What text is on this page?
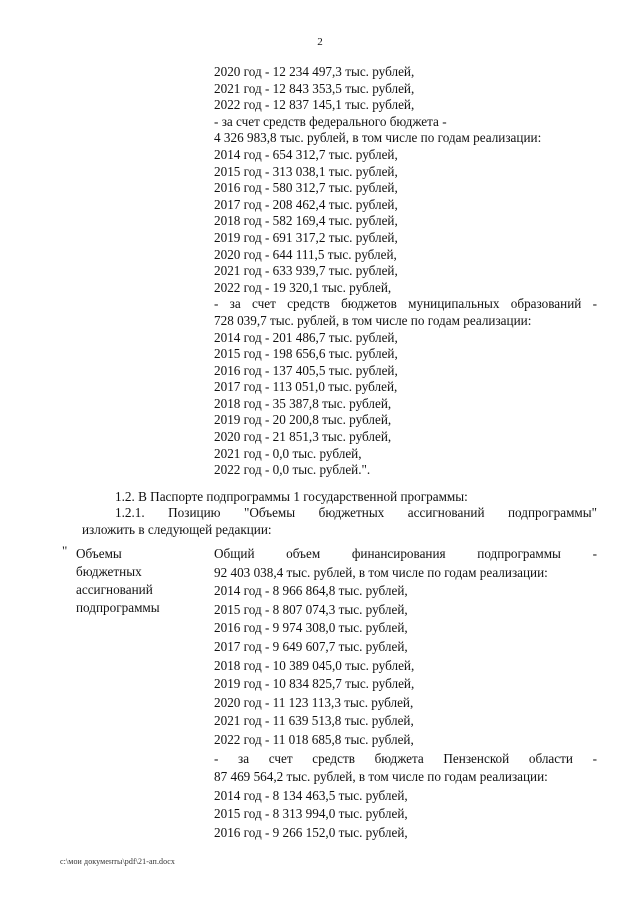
2
2020 год - 12 234 497,3 тыс. рублей,
2021 год - 12 843 353,5 тыс. рублей,
2022 год - 12 837 145,1 тыс. рублей,
- за счет средств федерального бюджета -
4 326 983,8 тыс. рублей, в том числе по годам реализации:
2014 год - 654 312,7 тыс. рублей,
2015 год - 313 038,1 тыс. рублей,
2016 год - 580 312,7 тыс. рублей,
2017 год - 208 462,4 тыс. рублей,
2018 год - 582 169,4 тыс. рублей,
2019 год - 691 317,2 тыс. рублей,
2020 год - 644 111,5 тыс. рублей,
2021 год - 633 939,7 тыс. рублей,
2022 год - 19 320,1 тыс. рублей,
- за счет средств бюджетов муниципальных образований -
728 039,7 тыс. рублей, в том числе по годам реализации:
2014 год - 201 486,7 тыс. рублей,
2015 год - 198 656,6 тыс. рублей,
2016 год - 137 405,5 тыс. рублей,
2017 год - 113 051,0 тыс. рублей,
2018 год - 35 387,8 тыс. рублей,
2019 год - 20 200,8 тыс. рублей,
2020 год - 21 851,3 тыс. рублей,
2021 год - 0,0 тыс. рублей,
2022 год - 0,0 тыс. рублей.".
1.2. В Паспорте подпрограммы 1 государственной программы:
1.2.1. Позицию "Объемы бюджетных ассигнований подпрограммы"
изложить в следующей редакции:
" Объемы
бюджетных
ассигнований
подпрограммы
Общий объем финансирования подпрограммы -
92 403 038,4 тыс. рублей, в том числе по годам реализации:
2014 год - 8 966 864,8 тыс. рублей,
2015 год - 8 807 074,3 тыс. рублей,
2016 год - 9 974 308,0 тыс. рублей,
2017 год - 9 649 607,7 тыс. рублей,
2018 год - 10 389 045,0 тыс. рублей,
2019 год - 10 834 825,7 тыс. рублей,
2020 год - 11 123 113,3 тыс. рублей,
2021 год - 11 639 513,8 тыс. рублей,
2022 год - 11 018 685,8 тыс. рублей,
- за счет средств бюджета Пензенской области -
87 469 564,2 тыс. рублей, в том числе по годам реализации:
2014 год - 8 134 463,5 тыс. рублей,
2015 год - 8 313 994,0 тыс. рублей,
2016 год - 9 266 152,0 тыс. рублей,
c:\мои документы\pdf\21-ап.docx
